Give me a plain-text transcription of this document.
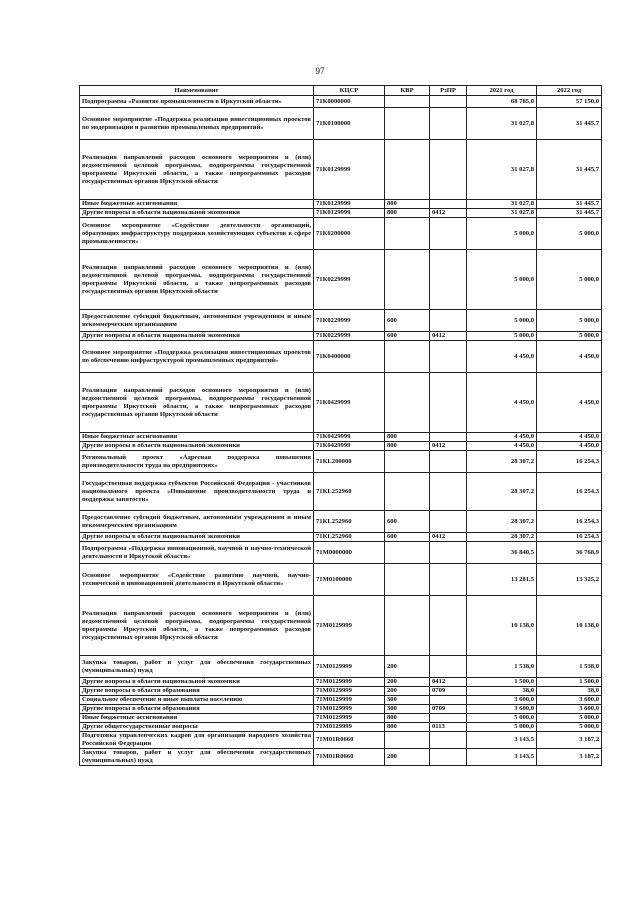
97
Наименование	КЦСР	КВР	РзПР	2021 год	2022 год
Подпрограмма «Развитие промышленности в Иркутской области»	71К0000000			68 785,0	57 150,0
Основное мероприятие «Поддержка реализации инвестиционных проектов по модернизации и развитию промышленных предприятий»	71К0100000			31 027,8	31 445,7
Реализация направлений расходов основного мероприятия и (или) ведомственной целевой программы, подпрограммы государственной программы Иркутской области, а также непрограммных расходов государственных органов Иркутской области	71К0129999			31 027,8	31 445,7
Иные бюджетные ассигнования	71К0129999	800		31 027,8	31 445,7
Другие вопросы в области национальной экономики	71К0129999	800	0412	31 027,8	31 445,7
Основное мероприятие «Содействие деятельности организаций, образующих инфраструктуру поддержки хозяйствующих субъектов в сфере промышленности»	71К0200000			5 000,0	5 000,0
Реализация направлений расходов основного мероприятия и (или) ведомственной целевой программы, подпрограммы государственной программы Иркутской области, а также непрограммных расходов государственных органов Иркутской области	71К0229999			5 000,0	5 000,0
Предоставление субсидий бюджетным, автономным учреждениям и иным некоммерческим организациям	71К0229999	600		5 000,0	5 000,0
Другие вопросы в области национальной экономики	71К0229999	600	0412	5 000,0	5 000,0
Основное мероприятие «Поддержка реализации инвестиционных проектов по обеспечению инфраструктурой промышленных предприятий»	71К0400000			4 450,0	4 450,0
Реализация направлений расходов основного мероприятия и (или) ведомственной целевой программы, подпрограммы государственной программы Иркутской области, а также непрограммных расходов государственных органов Иркутской области	71К0429999			4 450,0	4 450,0
Иные бюджетные ассигнования	71К0429999	800		4 450,0	4 450,0
Другие вопросы в области национальной экономики	71К0429999	800	0412	4 450,0	4 450,0
Региональный проект «Адресная поддержка повышения производительности труда на предприятиях»	71КL200000			28 307,2	16 254,3
Государственная поддержка субъектов Российской Федерации - участников национального проекта «Повышение производительности труда и поддержка занятости»	71КL252960			28 307,2	16 254,3
Предоставление субсидий бюджетным, автономным учреждениям и иным некоммерческим организациям	71КL252960	600		28 307,2	16 254,3
Другие вопросы в области национальной экономики	71КL252960	600	0412	28 307,2	16 254,3
Подпрограмма «Поддержка инновационной, научной и научно-технической деятельности в Иркутской области»	71М0000000			36 840,5	36 768,9
Основное мероприятие «Содействие развитию научной, научно-технической и инновационной деятельности в Иркутской области»	71М0100000			13 281,5	13 325,2
Реализация направлений расходов основного мероприятия и (или) ведомственной целевой программы, подпрограммы государственной программы Иркутской области, а также непрограммных расходов государственных органов Иркутской области	71М0129999			10 138,0	10 138,0
Закупка товаров, работ и услуг для обеспечения государственных (муниципальных) нужд	71М0129999	200		1 538,0	1 538,0
Другие вопросы в области национальной экономики	71М0129999	200	0412	1 500,0	1 500,0
Другие вопросы в области образования	71М0129999	200	0709	38,0	38,0
Социальное обеспечение и иные выплаты населению	71М0129999	300		3 600,0	3 600,0
Другие вопросы в области образования	71М0129999	300	0709	3 600,0	3 600,0
Иные бюджетные ассигнования	71М0129999	800		5 000,0	5 000,0
Другие общегосударственные вопросы	71М0129999	800	0113	5 000,0	5 000,0
Подготовка управленческих кадров для организаций народного хозяйства Российской Федерации	71М01R0660			3 143,5	3 187,2
Закупка товаров, работ и услуг для обеспечения государственных (муниципальных) нужд	71М01R0660	200		3 143,5	3 187,2
